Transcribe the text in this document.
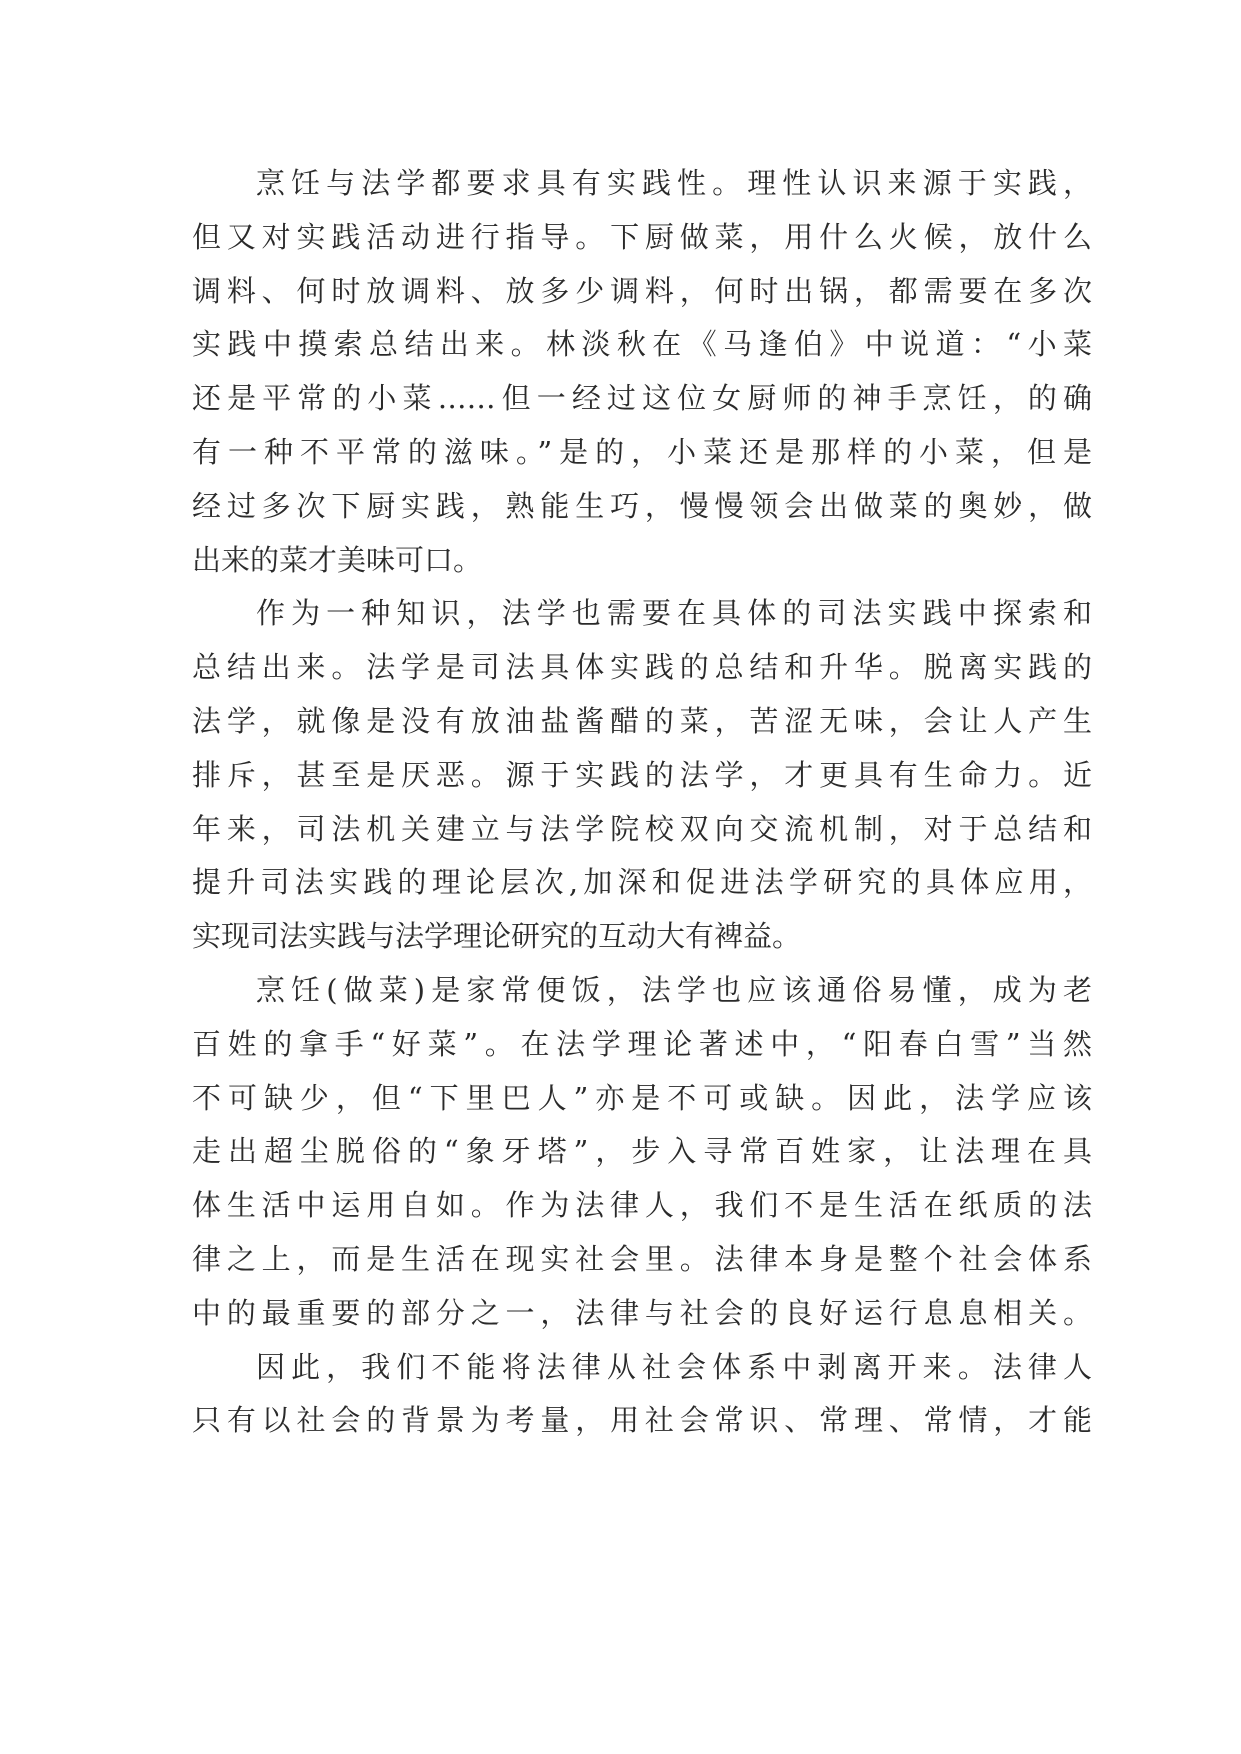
烹饪与法学都要求具有实践性。理性认识来源于实践，
但又对实践活动进行指导。下厨做菜，用什么火候，放什么
调料、何时放调料、放多少调料，何时出锅，都需要在多次
实践中摸索总结出来。林淡秋在《马逢伯》中说道：“小菜
还是平常的小菜……但一经过这位女厨师的神手烹饪，的确
有一种不平常的滋味。”是的，小菜还是那样的小菜，但是
经过多次下厨实践，熟能生巧，慢慢领会出做菜的奥妙，做
出来的菜才美味可口。
作为一种知识，法学也需要在具体的司法实践中探索和
总结出来。法学是司法具体实践的总结和升华。脱离实践的
法学，就像是没有放油盐酱醋的菜，苦涩无味，会让人产生
排斥，甚至是厌恶。源于实践的法学，才更具有生命力。近
年来，司法机关建立与法学院校双向交流机制，对于总结和
提升司法实践的理论层次,加深和促进法学研究的具体应用，
实现司法实践与法学理论研究的互动大有裨益。
烹饪(做菜)是家常便饭，法学也应该通俗易懂，成为老
百姓的拿手“好菜”。在法学理论著述中，“阳春白雪”当然
不可缺少，但“下里巴人”亦是不可或缺。因此，法学应该
走出超尘脱俗的“象牙塔”，步入寻常百姓家，让法理在具
体生活中运用自如。作为法律人，我们不是生活在纸质的法
律之上，而是生活在现实社会里。法律本身是整个社会体系
中的最重要的部分之一，法律与社会的良好运行息息相关。
因此，我们不能将法律从社会体系中剥离开来。法律人
只有以社会的背景为考量，用社会常识、常理、常情，才能
